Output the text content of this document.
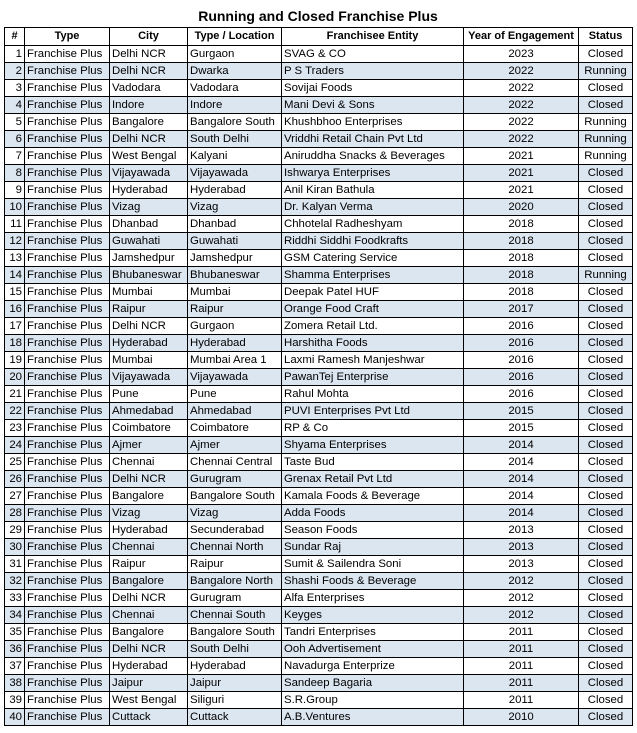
Running and Closed Franchise Plus
#	Type	City	Type / Location	Franchisee Entity	Year of Engagement	Status
1	Franchise Plus	Delhi NCR	Gurgaon	SVAG & CO	2023	Closed
2	Franchise Plus	Delhi NCR	Dwarka	P S Traders	2022	Running
3	Franchise Plus	Vadodara	Vadodara	Sovijai Foods	2022	Closed
4	Franchise Plus	Indore	Indore	Mani Devi & Sons	2022	Closed
5	Franchise Plus	Bangalore	Bangalore South	Khushbhoo Enterprises	2022	Running
6	Franchise Plus	Delhi NCR	South Delhi	Vriddhi Retail Chain Pvt Ltd	2022	Running
7	Franchise Plus	West Bengal	Kalyani	Aniruddha Snacks & Beverages	2021	Running
8	Franchise Plus	Vijayawada	Vijayawada	Ishwarya Enterprises	2021	Closed
9	Franchise Plus	Hyderabad	Hyderabad	Anil Kiran Bathula	2021	Closed
10	Franchise Plus	Vizag	Vizag	Dr. Kalyan Verma	2020	Closed
11	Franchise Plus	Dhanbad	Dhanbad	Chhotelal Radheshyam	2018	Closed
12	Franchise Plus	Guwahati	Guwahati	Riddhi Siddhi Foodkrafts	2018	Closed
13	Franchise Plus	Jamshedpur	Jamshedpur	GSM Catering Service	2018	Closed
14	Franchise Plus	Bhubaneswar	Bhubaneswar	Shamma Enterprises	2018	Running
15	Franchise Plus	Mumbai	Mumbai	Deepak Patel HUF	2018	Closed
16	Franchise Plus	Raipur	Raipur	Orange Food Craft	2017	Closed
17	Franchise Plus	Delhi NCR	Gurgaon	Zomera Retail Ltd.	2016	Closed
18	Franchise Plus	Hyderabad	Hyderabad	Harshitha Foods	2016	Closed
19	Franchise Plus	Mumbai	Mumbai Area 1	Laxmi Ramesh Manjeshwar	2016	Closed
20	Franchise Plus	Vijayawada	Vijayawada	PawanTej Enterprise	2016	Closed
21	Franchise Plus	Pune	Pune	Rahul Mohta	2016	Closed
22	Franchise Plus	Ahmedabad	Ahmedabad	PUVI Enterprises Pvt Ltd	2015	Closed
23	Franchise Plus	Coimbatore	Coimbatore	RP & Co	2015	Closed
24	Franchise Plus	Ajmer	Ajmer	Shyama Enterprises	2014	Closed
25	Franchise Plus	Chennai	Chennai Central	Taste Bud	2014	Closed
26	Franchise Plus	Delhi NCR	Gurugram	Grenax Retail Pvt Ltd	2014	Closed
27	Franchise Plus	Bangalore	Bangalore South	Kamala Foods & Beverage	2014	Closed
28	Franchise Plus	Vizag	Vizag	Adda Foods	2014	Closed
29	Franchise Plus	Hyderabad	Secunderabad	Season Foods	2013	Closed
30	Franchise Plus	Chennai	Chennai North	Sundar Raj	2013	Closed
31	Franchise Plus	Raipur	Raipur	Sumit & Sailendra Soni	2013	Closed
32	Franchise Plus	Bangalore	Bangalore North	Shashi Foods & Beverage	2012	Closed
33	Franchise Plus	Delhi NCR	Gurugram	Alfa Enterprises	2012	Closed
34	Franchise Plus	Chennai	Chennai South	Keyges	2012	Closed
35	Franchise Plus	Bangalore	Bangalore South	Tandri Enterprises	2011	Closed
36	Franchise Plus	Delhi NCR	South Delhi	Ooh Advertisement	2011	Closed
37	Franchise Plus	Hyderabad	Hyderabad	Navadurga Enterprize	2011	Closed
38	Franchise Plus	Jaipur	Jaipur	Sandeep Bagaria	2011	Closed
39	Franchise Plus	West Bengal	Siliguri	S.R.Group	2011	Closed
40	Franchise Plus	Cuttack	Cuttack	A.B.Ventures	2010	Closed
